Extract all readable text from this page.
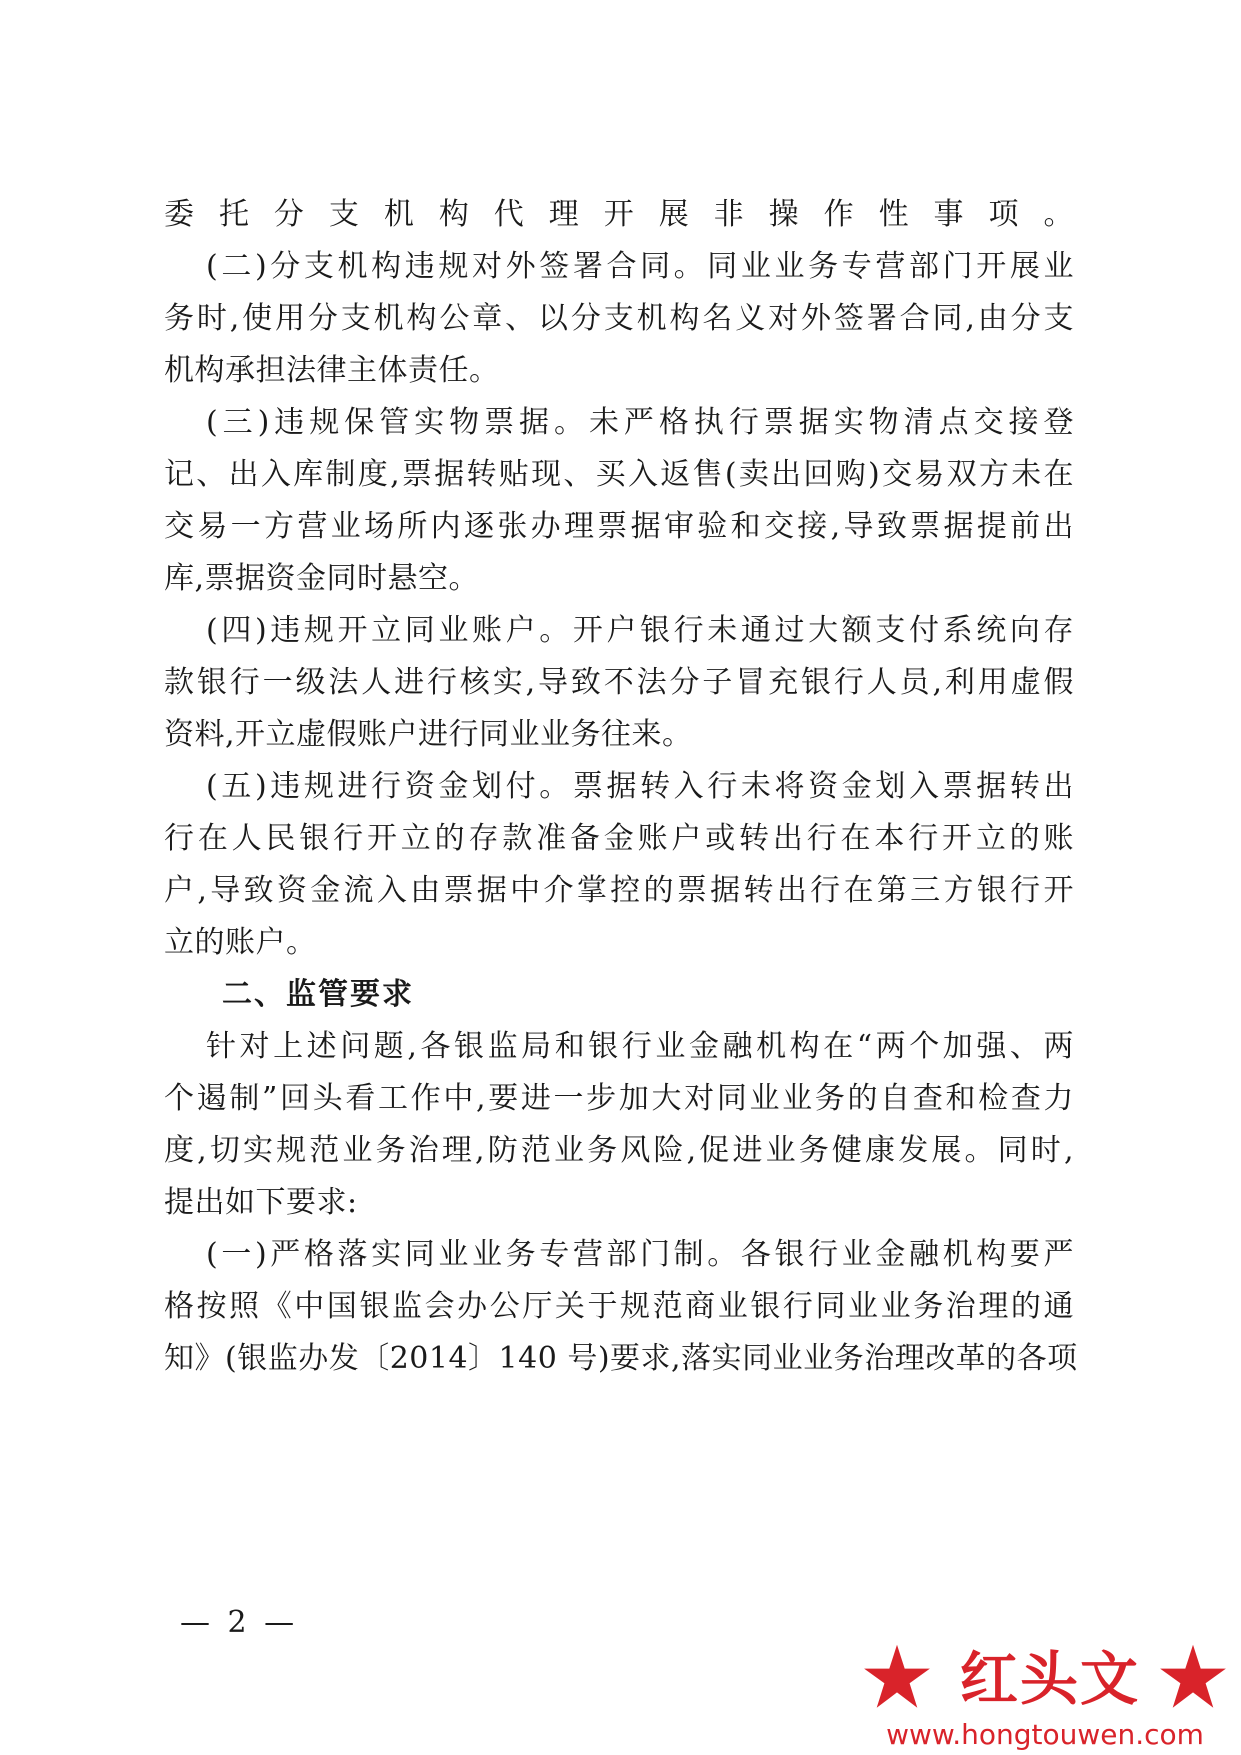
委托分支机构代理开展非操作性事项。
(二)分支机构违规对外签署合同。同业业务专营部门开展业
务时,使用分支机构公章、以分支机构名义对外签署合同,由分支
机构承担法律主体责任。
(三)违规保管实物票据。未严格执行票据实物清点交接登
记、出入库制度,票据转贴现、买入返售(卖出回购)交易双方未在
交易一方营业场所内逐张办理票据审验和交接,导致票据提前出
库,票据资金同时悬空。
(四)违规开立同业账户。开户银行未通过大额支付系统向存
款银行一级法人进行核实,导致不法分子冒充银行人员,利用虚假
资料,开立虚假账户进行同业业务往来。
(五)违规进行资金划付。票据转入行未将资金划入票据转出
行在人民银行开立的存款准备金账户或转出行在本行开立的账
户,导致资金流入由票据中介掌控的票据转出行在第三方银行开
立的账户。
二、监管要求
针对上述问题,各银监局和银行业金融机构在“两个加强、两
个遏制”回头看工作中,要进一步加大对同业业务的自查和检查力
度,切实规范业务治理,防范业务风险,促进业务健康发展。同时,
提出如下要求:
(一)严格落实同业业务专营部门制。各银行业金融机构要严
格按照《中国银监会办公厅关于规范商业银行同业业务治理的通
知》(银监办发〔2014〕140 号)要求,落实同业业务治理改革的各项
— 2 —
红头文
www.hongtouwen.com
